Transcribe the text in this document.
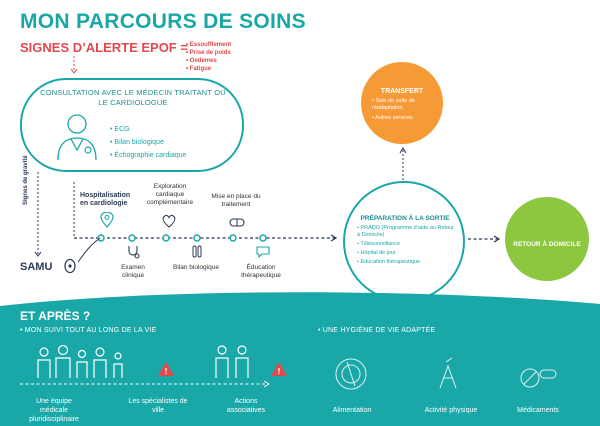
MON PARCOURS DE SOINS
SIGNES D’ALERTE EPOF =
• Essoufflement
• Prise de poids
• Oedèmes
• Fatigue
CONSULTATION AVEC LE MÉDECIN TRAITANT OU LE CARDIOLOGUE
• ECG
• Bilan biologique
• Échographie cardiaque
Signes de gravité
SAMU
Hospitalisation en cardiologie
Exploration cardiaque complémentaire
Mise en place du traitement
Examen clinique
Bilan biologique	Éducation thérapeutique
TRANSFERT
• Soin de suite de réadaptation
• Autres services
PRÉPARATION À LA SORTIE
• PRADO (Programme d’aide au Retour à Domicile)
• Télésurveillance
• Hôpital de jour
• Éducation thérapeutique
RETOUR À DOMICILE
ET APRÈS ?
• MON SUIVI TOUT AU LONG DE LA VIE	• UNE HYGIÈNE DE VIE ADAPTÉE
!	!
Une équipe médicale pluridisciplinaire
Les spécialistes de ville
Actions associatives	Alimentation	Activité physique	Médicaments
